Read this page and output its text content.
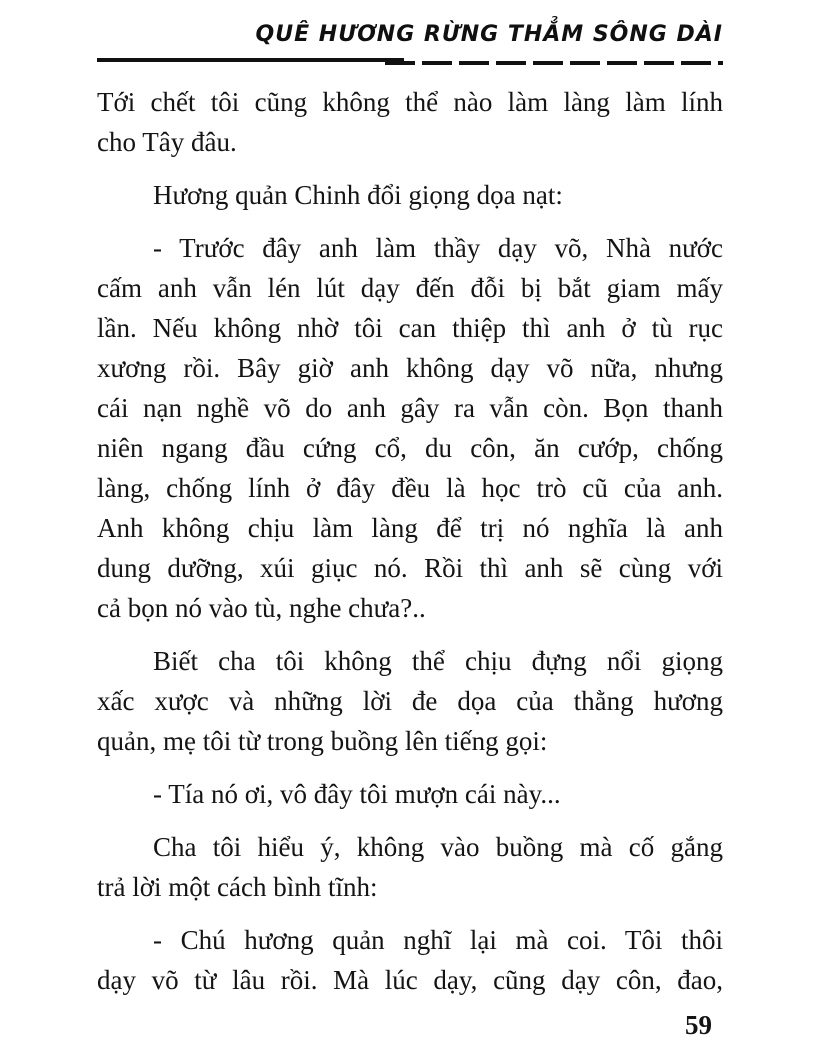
QUÊ HƯƠNG RỪNG THẲM SÔNG DÀI
Tới chết tôi cũng không thể nào làm làng làm lính
cho Tây đâu.
Hương quản Chinh đổi giọng dọa nạt:
- Trước đây anh làm thầy dạy võ, Nhà nước
cấm anh vẫn lén lút dạy đến đỗi bị bắt giam mấy
lần. Nếu không nhờ tôi can thiệp thì anh ở tù rục
xương rồi. Bây giờ anh không dạy võ nữa, nhưng
cái nạn nghề võ do anh gây ra vẫn còn. Bọn thanh
niên ngang đầu cứng cổ, du côn, ăn cướp, chống
làng, chống lính ở đây đều là học trò cũ của anh.
Anh không chịu làm làng để trị nó nghĩa là anh
dung dưỡng, xúi giục nó. Rồi thì anh sẽ cùng với
cả bọn nó vào tù, nghe chưa?..
Biết cha tôi không thể chịu đựng nổi giọng
xấc xược và những lời đe dọa của thằng hương
quản, mẹ tôi từ trong buồng lên tiếng gọi:
- Tía nó ơi, vô đây tôi mượn cái này...
Cha tôi hiểu ý, không vào buồng mà cố gắng
trả lời một cách bình tĩnh:
- Chú hương quản nghĩ lại mà coi. Tôi thôi
dạy võ từ lâu rồi. Mà lúc dạy, cũng dạy côn, đao,
59
